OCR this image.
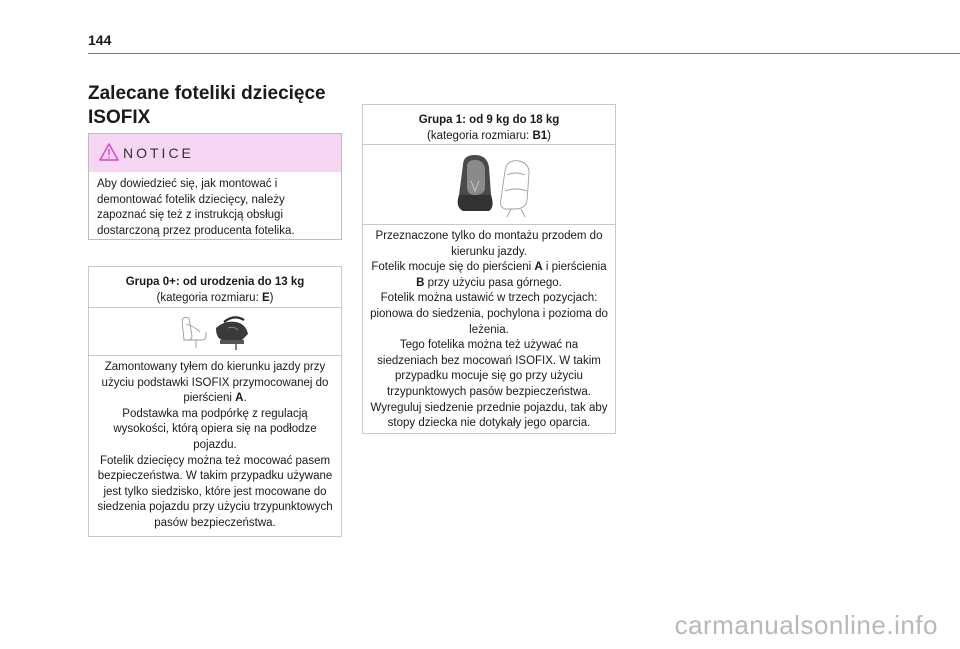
144
Zalecane foteliki dziecięce
ISOFIX
NOTICE
Aby dowiedzieć się, jak montować i demontować fotelik dziecięcy, należy zapoznać się też z instrukcją obsługi dostarczoną przez producenta fotelika.
Grupa 0+: od urodzenia do 13 kg
(kategoria rozmiaru: E)

Zamontowany tyłem do kierunku jazdy przy użyciu podstawki ISOFIX przymocowanej do pierścieni A.

Podstawka ma podpórkę z regulacją wysokości, którą opiera się na podłodze pojazdu.

Fotelik dziecięcy można też mocować pasem bezpieczeństwa. W takim przypadku używane jest tylko siedzisko, które jest mocowane do siedzenia pojazdu przy użyciu trzypunktowych pasów bezpieczeństwa.

Grupa 1: od 9 kg do 18 kg
(kategoria rozmiaru: B1)

Przeznaczone tylko do montażu przodem do kierunku jazdy.

Fotelik mocuje się do pierścieni A i pierścienia B przy użyciu pasa górnego.

Fotelik można ustawić w trzech pozycjach: pionowa do siedzenia, pochylona i pozioma do leżenia.

Tego fotelika można też używać na siedzeniach bez mocowań ISOFIX. W takim przypadku mocuje się go przy użyciu trzypunktowych pasów bezpieczeństwa.

Wyreguluj siedzenie przednie pojazdu, tak aby stopy dziecka nie dotykały jego oparcia.

carmanualsonline.info
